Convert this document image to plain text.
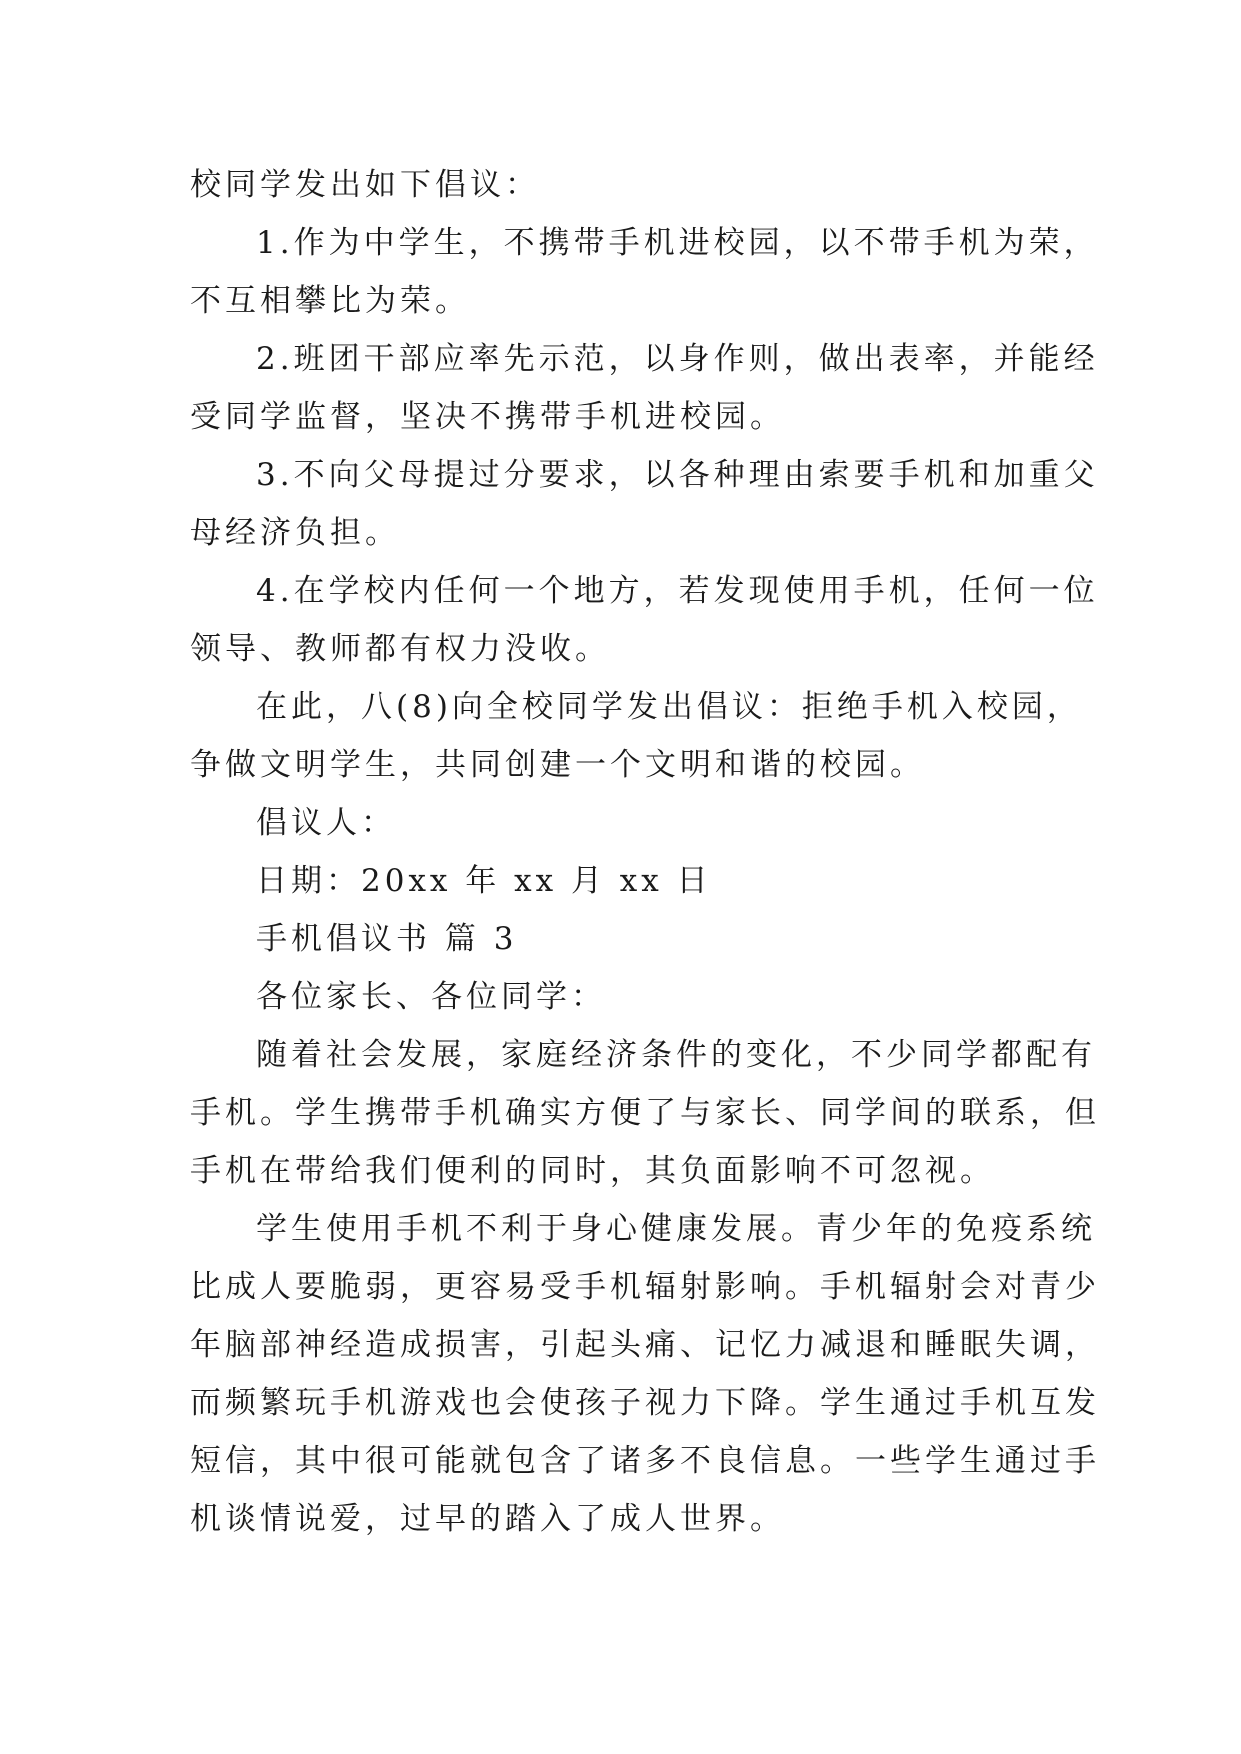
校同学发出如下倡议：
1.作为中学生，不携带手机进校园，以不带手机为荣，
不互相攀比为荣。
2.班团干部应率先示范，以身作则，做出表率，并能经
受同学监督，坚决不携带手机进校园。
3.不向父母提过分要求，以各种理由索要手机和加重父
母经济负担。
4.在学校内任何一个地方，若发现使用手机，任何一位
领导、教师都有权力没收。
在此，八(8)向全校同学发出倡议：拒绝手机入校园，
争做文明学生，共同创建一个文明和谐的校园。
倡议人：
日期：20xx 年 xx 月 xx 日
手机倡议书 篇 3
各位家长、各位同学：
随着社会发展，家庭经济条件的变化，不少同学都配有
手机。学生携带手机确实方便了与家长、同学间的联系，但
手机在带给我们便利的同时，其负面影响不可忽视。
学生使用手机不利于身心健康发展。青少年的免疫系统
比成人要脆弱，更容易受手机辐射影响。手机辐射会对青少
年脑部神经造成损害，引起头痛、记忆力减退和睡眠失调，
而频繁玩手机游戏也会使孩子视力下降。学生通过手机互发
短信，其中很可能就包含了诸多不良信息。一些学生通过手
机谈情说爱，过早的踏入了成人世界。
